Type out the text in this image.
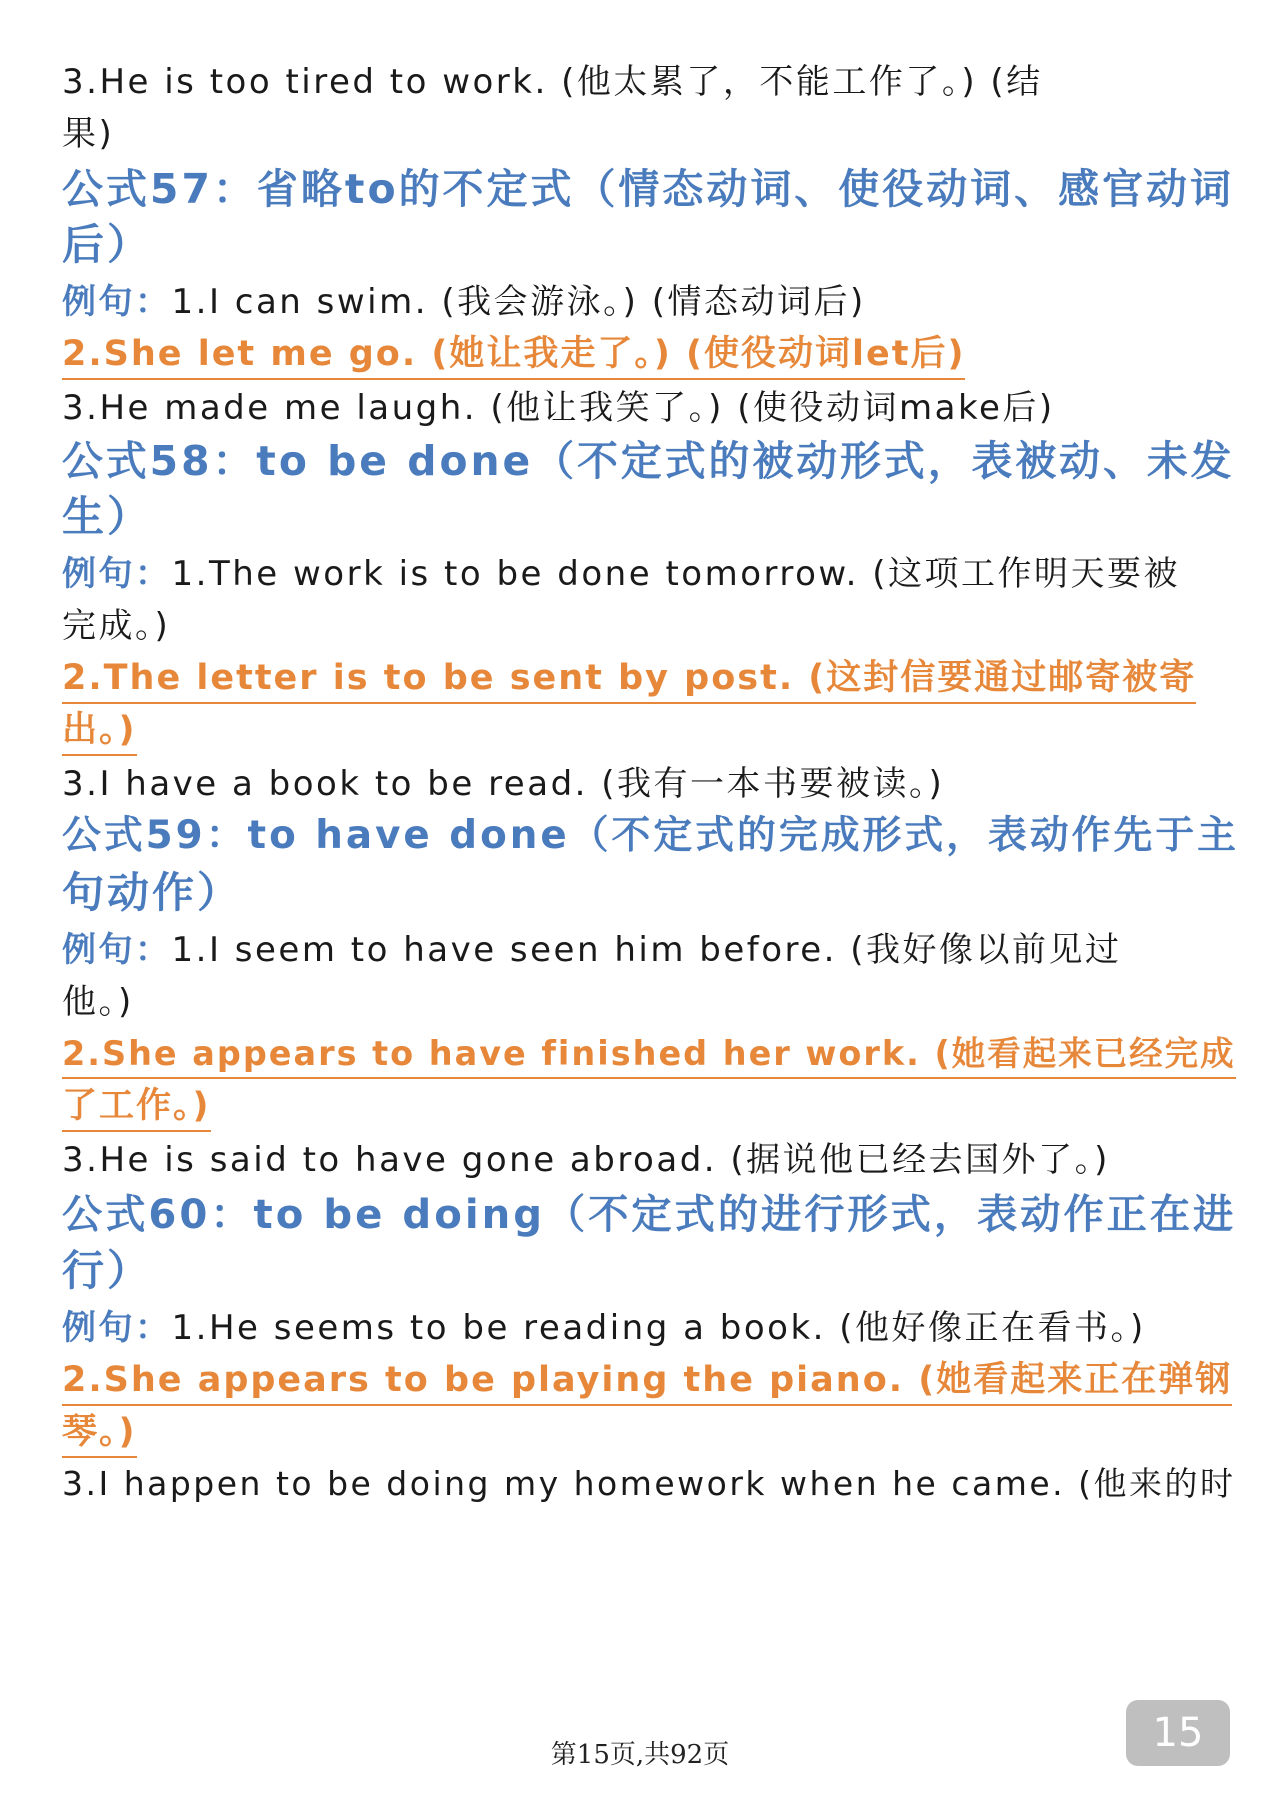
3.He is too tired to work. (他太累了，不能工作了。) (结
果)
公式57：省略to的不定式（情态动词、使役动词、感官动词
后）
例句：1.I can swim. (我会游泳。) (情态动词后)
2.She let me go. (她让我走了。) (使役动词let后)
3.He made me laugh. (他让我笑了。) (使役动词make后)
公式58：to be done（不定式的被动形式，表被动、未发
生）
例句：1.The work is to be done tomorrow. (这项工作明天要被
完成。)
2.The letter is to be sent by post. (这封信要通过邮寄被寄
出。)
3.I have a book to be read. (我有一本书要被读。)
公式59：to have done（不定式的完成形式，表动作先于主
句动作）
例句：1.I seem to have seen him before. (我好像以前见过
他。)
2.She appears to have finished her work. (她看起来已经完成
了工作。)
3.He is said to have gone abroad. (据说他已经去国外了。)
公式60：to be doing（不定式的进行形式，表动作正在进
行）
例句：1.He seems to be reading a book. (他好像正在看书。)
2.She appears to be playing the piano. (她看起来正在弹钢
琴。)
3.I happen to be doing my homework when he came. (他来的时
第15页,共92页	15
